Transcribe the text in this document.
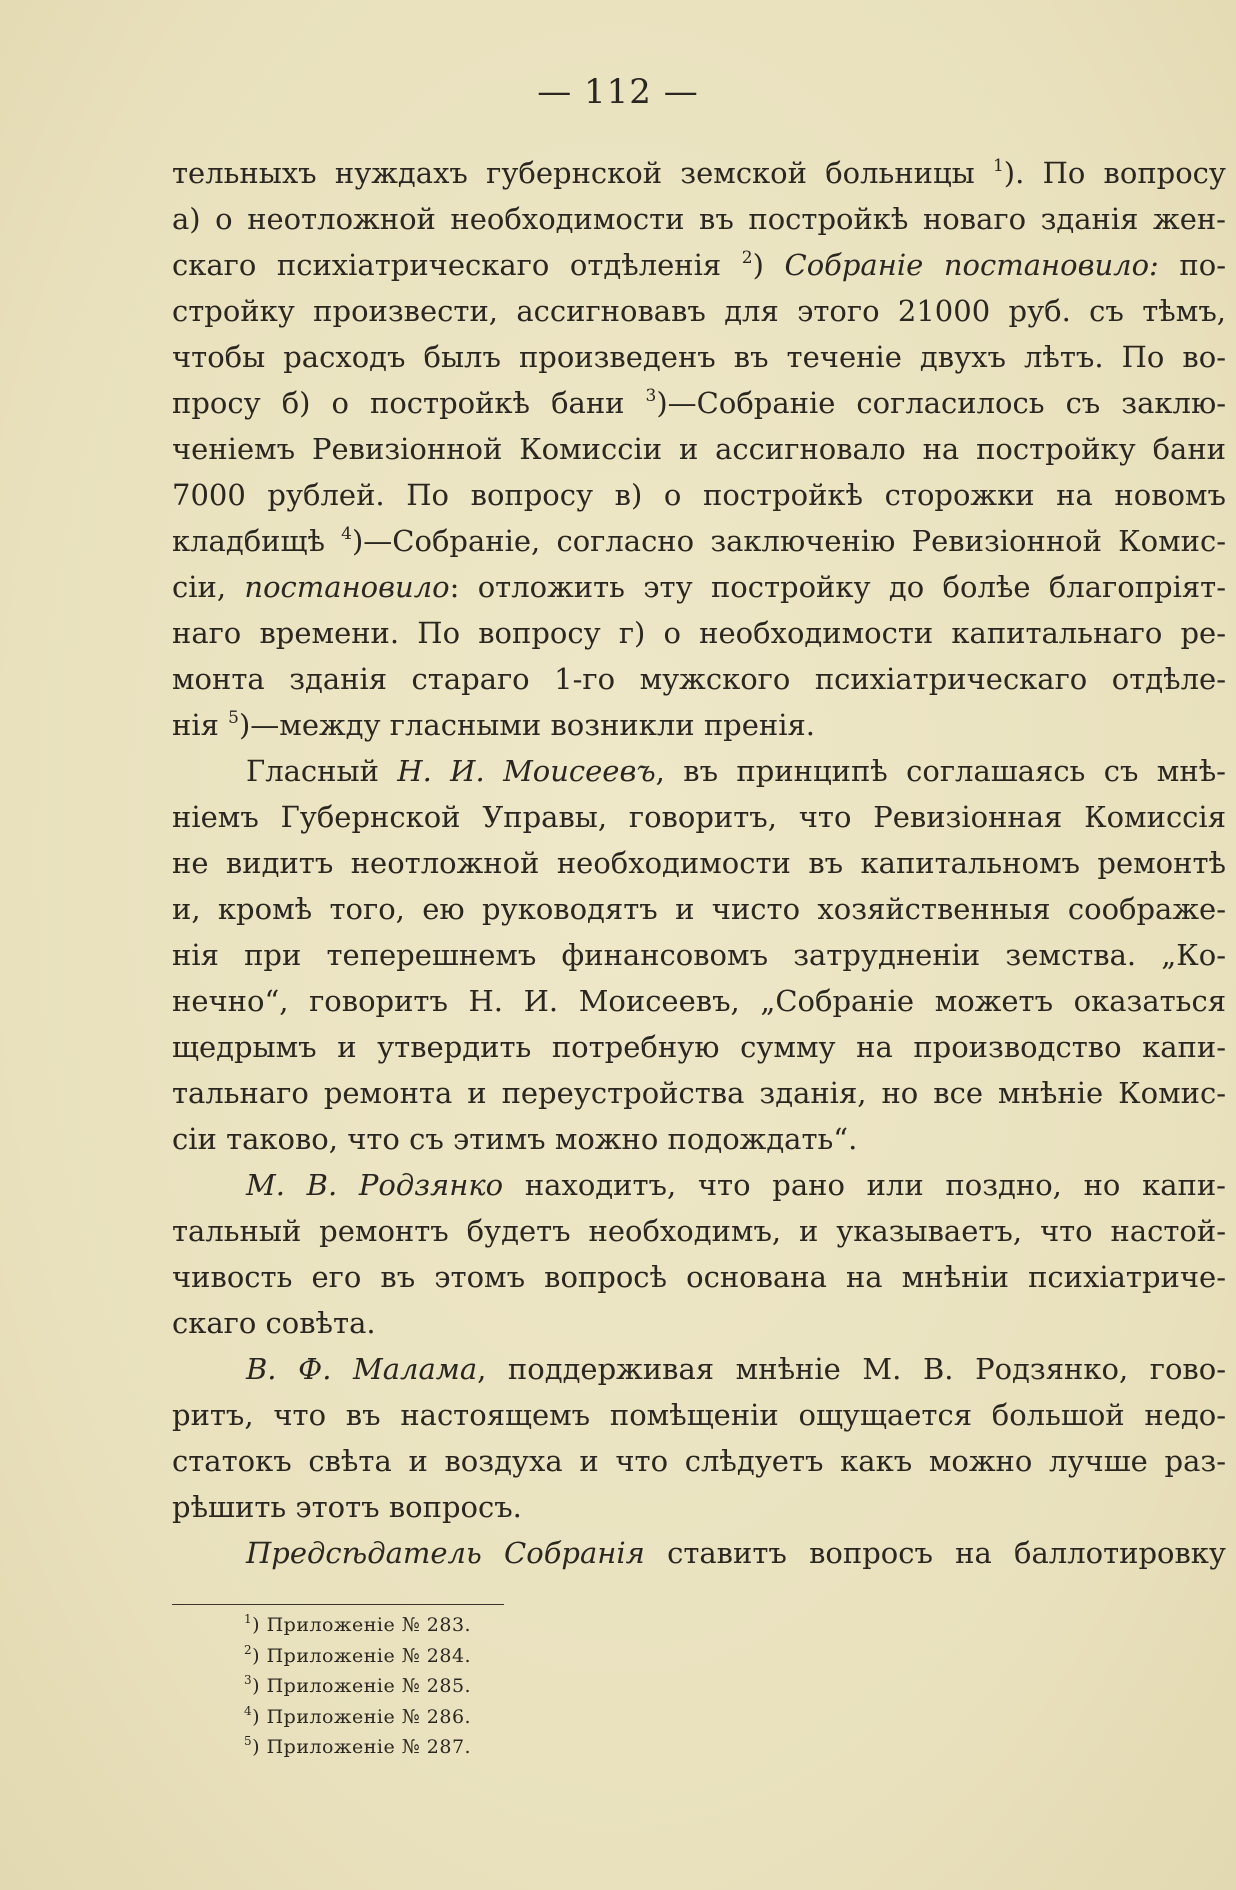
— 112 —
тельныхъ нуждахъ губернской земской больницы $^1$). По вопросу
а) о неотложной необходимости въ постройкѣ новаго зданія жен-
скаго психіатрическаго отдѣленія $^2$) Собраніе постановило: по-
стройку произвести, ассигновавъ для этого 21000 руб. съ тѣмъ,
чтобы расходъ былъ произведенъ въ теченіе двухъ лѣтъ. По во-
просу б) о постройкѣ бани $^3$)—Собраніе согласилось съ заклю-
ченіемъ Ревизіонной Комиссіи и ассигновало на постройку бани
7000 рублей. По вопросу в) о постройкѣ сторожки на новомъ
кладбищѣ $^4$)—Собраніе, согласно заключенію Ревизіонной Комис-
сіи, постановило: отложить эту постройку до болѣе благопріят-
наго времени. По вопросу г) о необходимости капитальнаго ре-
монта зданія стараго 1-го мужского психіатрическаго отдѣле-
нія $^5$)—между гласными возникли пренія.
Гласный Н. И. Моисеевъ, въ принципѣ соглашаясь съ мнѣ-
ніемъ Губернской Управы, говоритъ, что Ревизіонная Комиссія
не видитъ неотложной необходимости въ капитальномъ ремонтѣ
и, кромѣ того, ею руководятъ и чисто хозяйственныя соображе-
нія при теперешнемъ финансовомъ затрудненіи земства. „Ко-
нечно“, говоритъ Н. И. Моисеевъ, „Собраніе можетъ оказаться
щедрымъ и утвердить потребную сумму на производство капи-
тальнаго ремонта и переустройства зданія, но все мнѣніе Комис-
сіи таково, что съ этимъ можно подождать“.
М. В. Родзянко находитъ, что рано или поздно, но капи-
тальный ремонтъ будетъ необходимъ, и указываетъ, что настой-
чивость его въ этомъ вопросѣ основана на мнѣніи психіатриче-
скаго совѣта.
В. Ф. Малама, поддерживая мнѣніе М. В. Родзянко, гово-
ритъ, что въ настоящемъ помѣщеніи ощущается большой недо-
статокъ свѣта и воздуха и что слѣдуетъ какъ можно лучше раз-
рѣшить этотъ вопросъ.
Предсѣдатель Собранія ставитъ вопросъ на баллотировку
$^1$) Приложеніе № 283.
$^2$) Приложеніе № 284.
$^3$) Приложеніе № 285.
$^4$) Приложеніе № 286.
$^5$) Приложеніе № 287.
